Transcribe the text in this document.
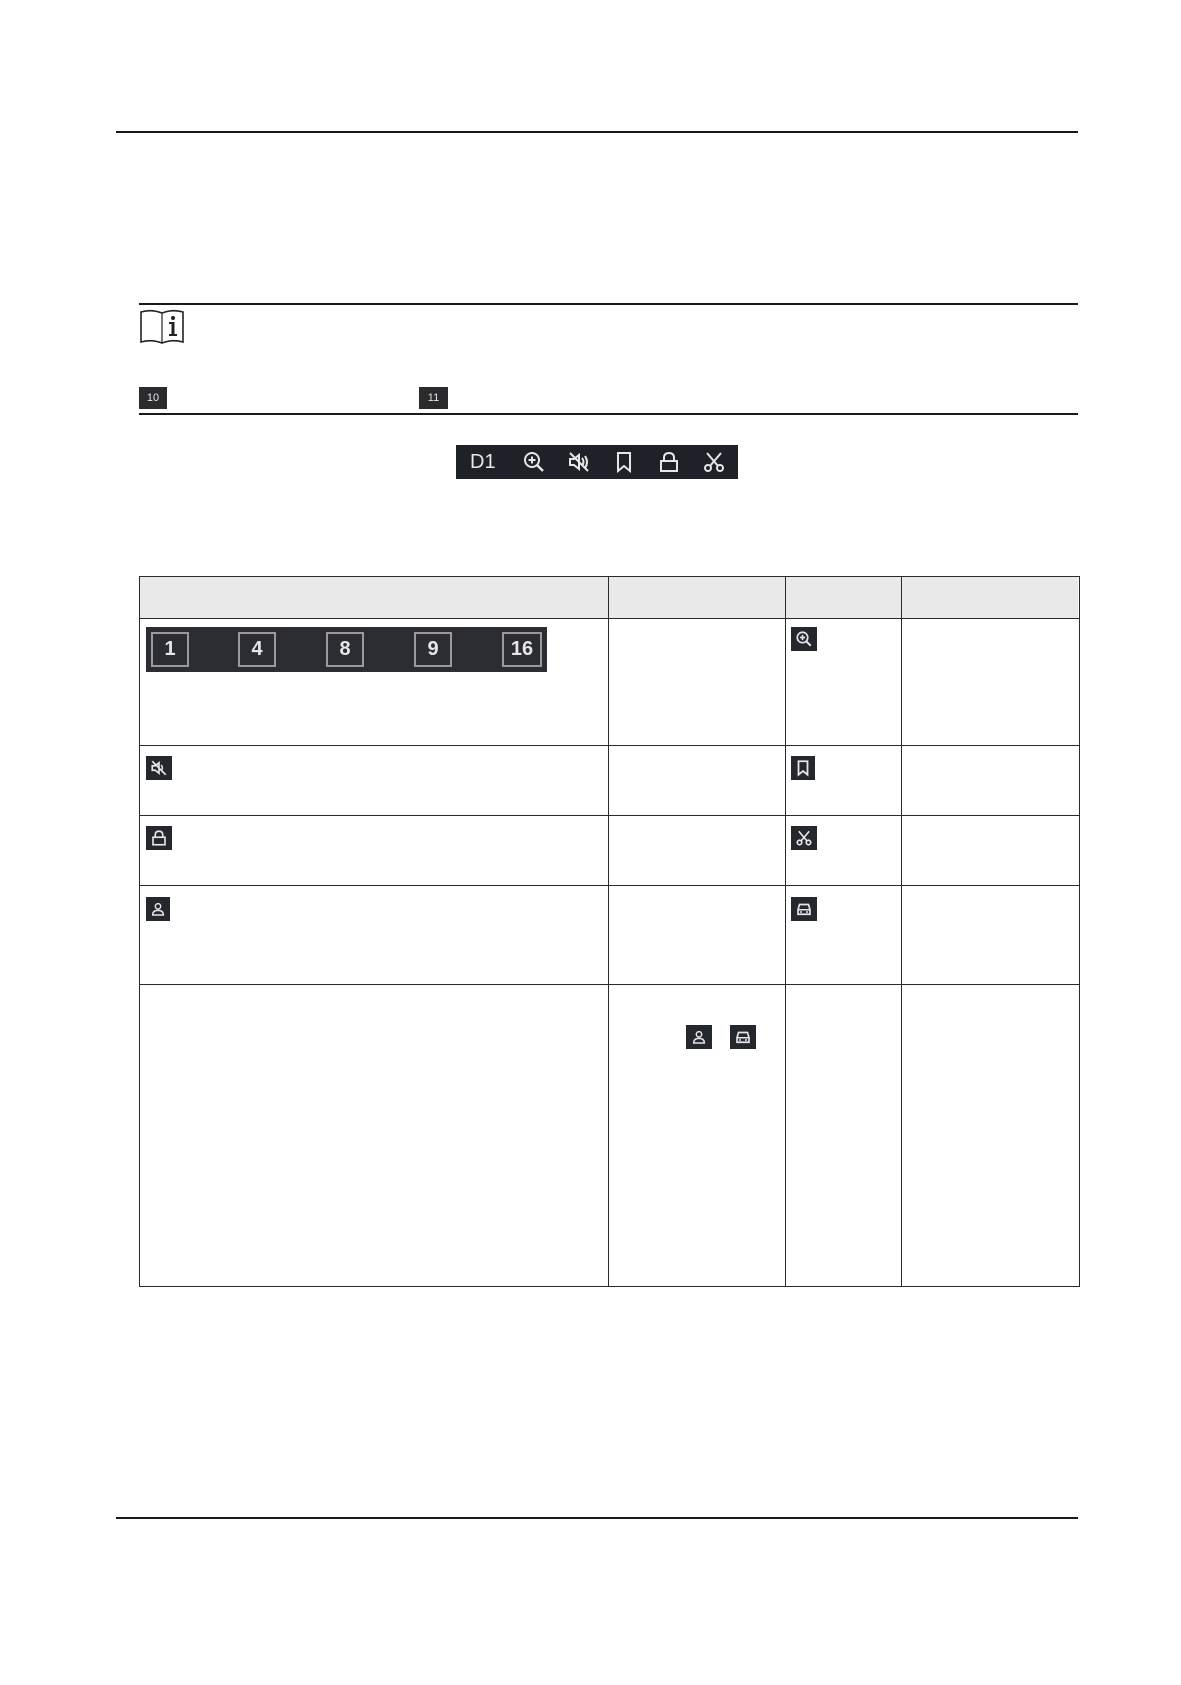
10	11
D1
1	4	8	9	16
